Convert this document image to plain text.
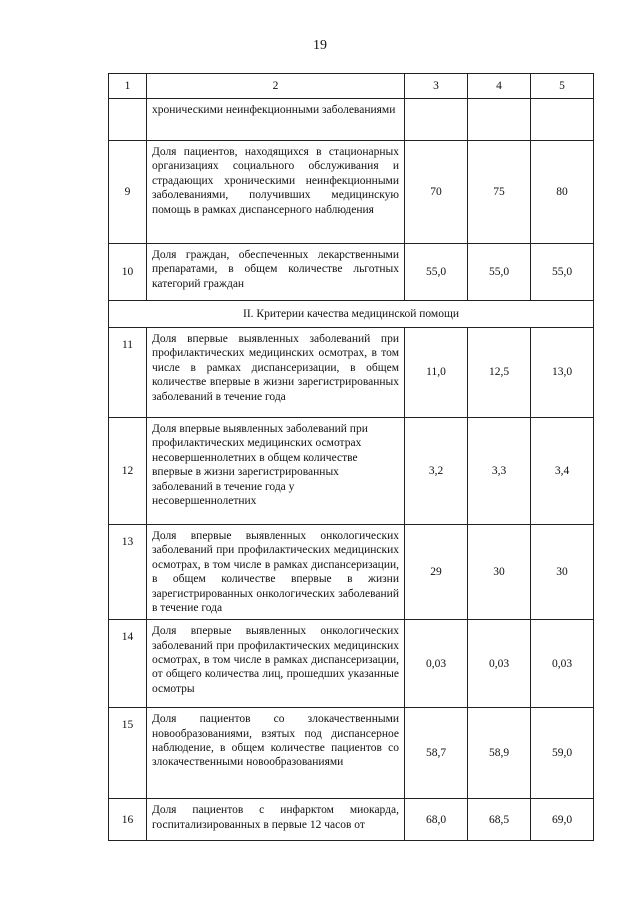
19
1	2	3	4	5
	хроническими неинфекционными заболеваниями			
9	Доля пациентов, находящихся в стационарных организациях социального обслуживания и страдающих хроническими неинфекционными заболеваниями, получивших медицинскую помощь в рамках диспансерного наблюдения	70	75	80
10	Доля граждан, обеспеченных лекарственными препаратами, в общем количестве льготных категорий граждан	55,0	55,0	55,0
II. Критерии качества медицинской помощи				
11	Доля впервые выявленных заболеваний при профилактических медицинских осмотрах, в том числе в рамках диспансеризации, в общем количестве впервые в жизни зарегистрированных заболеваний в течение года	11,0	12,5	13,0
12	Доля впервые выявленных заболеваний при профилактических медицинских осмотрах несовершеннолетних в общем количестве впервые в жизни зарегистрированных заболеваний в течение года у несовершеннолетних	3,2	3,3	3,4
13	Доля впервые выявленных онкологических заболеваний при профилактических медицинских осмотрах, в том числе в рамках диспансеризации, в общем количестве впервые в жизни зарегистрированных онкологических заболеваний в течение года	29	30	30
14	Доля впервые выявленных онкологических заболеваний при профилактических медицинских осмотрах, в том числе в рамках диспансеризации, от общего количества лиц, прошедших указанные осмотры	0,03	0,03	0,03
15	Доля пациентов со злокачественными новообразованиями, взятых под диспансерное наблюдение, в общем количестве пациентов со злокачественными новообразованиями	58,7	58,9	59,0
16	Доля пациентов с инфарктом миокарда, госпитализированных в первые 12 часов от	68,0	68,5	69,0
